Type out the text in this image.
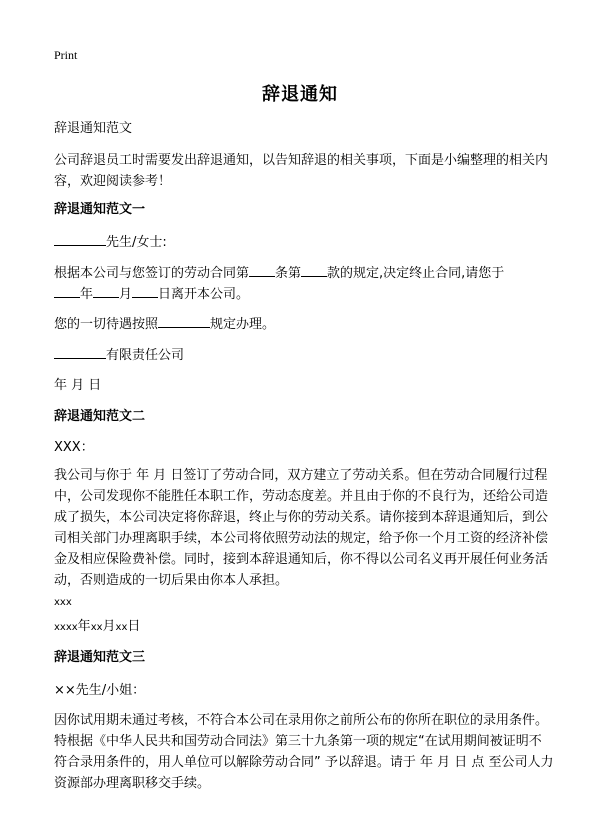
Print
辞退通知
辞退通知范文
公司辞退员工时需要发出辞退通知，以告知辞退的相关事项，下面是小编整理的相关内容，欢迎阅读参考！
辞退通知范文一
先生/女士:
根据本公司与您签订的劳动合同第 条第 款的规定,决定终止合同,请您于
年 月 日离开本公司。
您的一切待遇按照	规定办理。
有限责任公司
年 月 日
辞退通知范文二
XXX：
我公司与你于 年 月 日签订了劳动合同，双方建立了劳动关系。但在劳动合同履行过程中，公司发现你不能胜任本职工作，劳动态度差。并且由于你的不良行为，还给公司造成了损失，本公司决定将你辞退，终止与你的劳动关系。请你接到本辞退通知后，到公司相关部门办理离职手续，本公司将依照劳动法的规定，给予你一个月工资的经济补偿金及相应保险费补偿。同时，接到本辞退通知后，你不得以公司名义再开展任何业务活动，否则造成的一切后果由你本人承担。
xxx
xxxx年xx月xx日
辞退通知范文三
××先生/小姐：
因你试用期未通过考核，不符合本公司在录用你之前所公布的你所在职位的录用条件。特根据《中华人民共和国劳动合同法》第三十九条第一项的规定“在试用期间被证明不符合录用条件的，用人单位可以解除劳动合同” 予以辞退。请于 年 月 日 点 至公司人力资源部办理离职移交手续。
